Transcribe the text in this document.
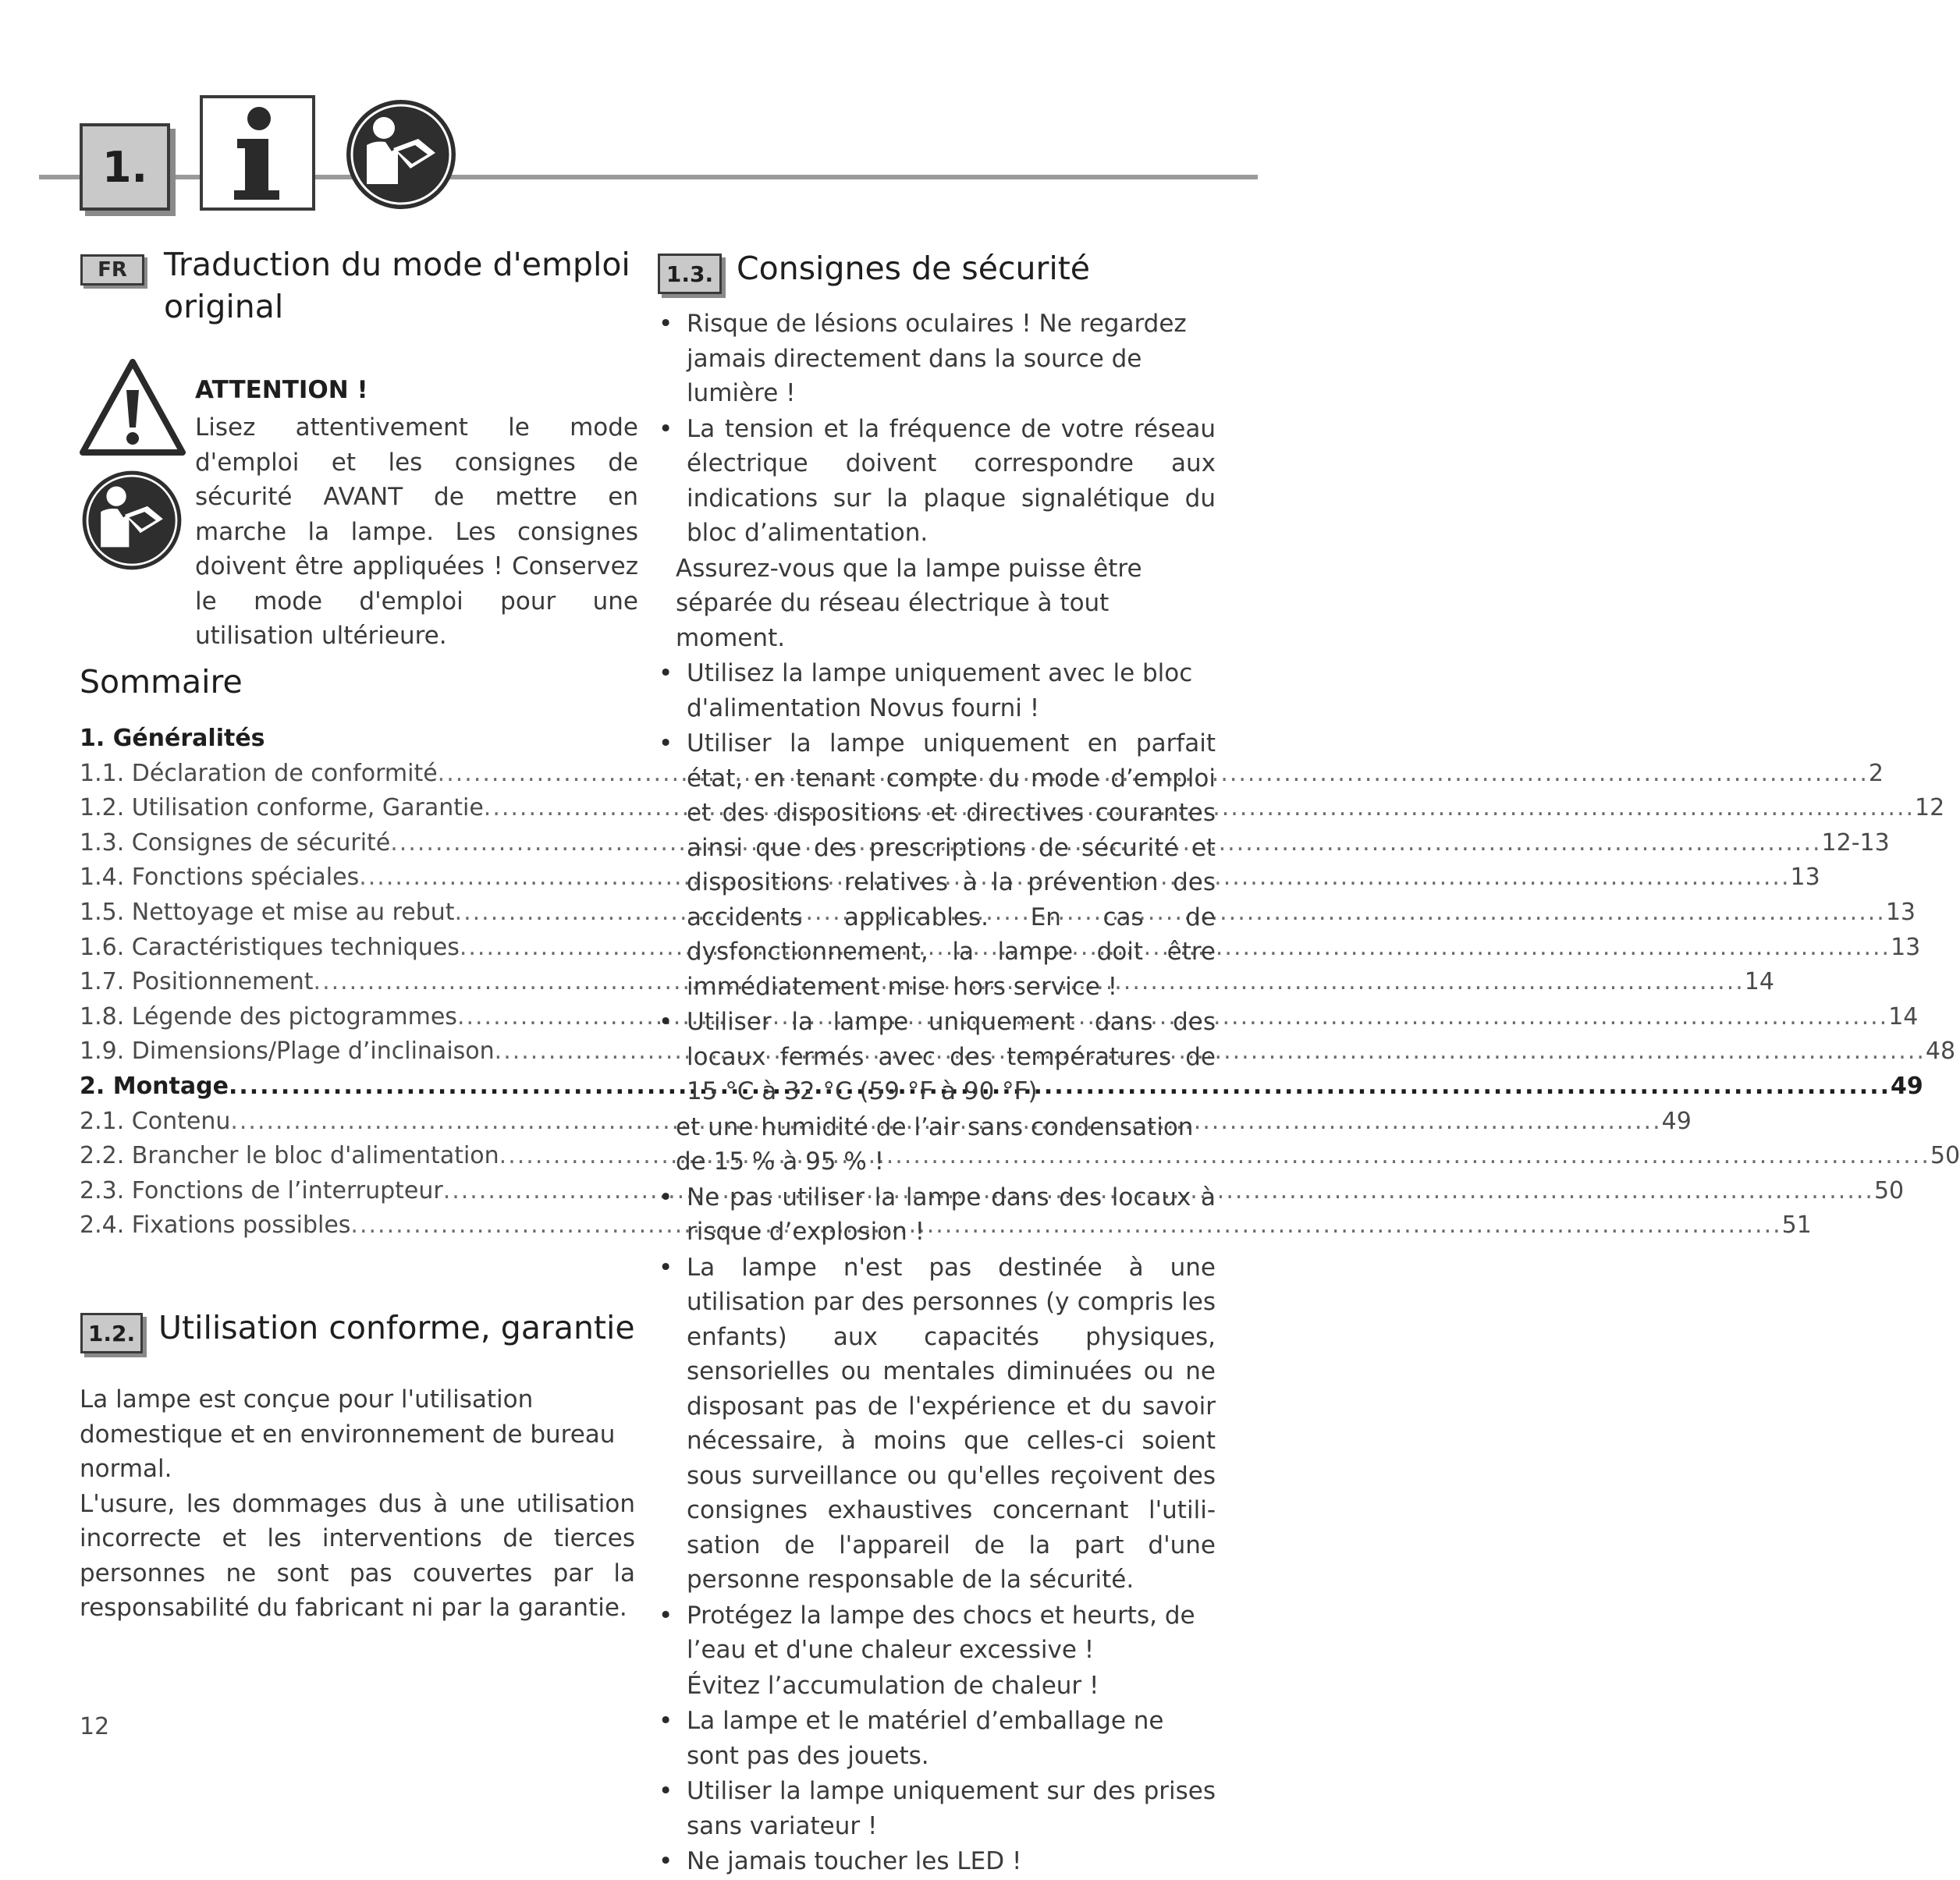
1.
FR Traduction du mode d'emploi original
ATTENTION !
Lisez attentivement le mode d'emploi et les consignes de sécurité AVANT de mettre en marche la lampe. Les consignes doivent être appliquées ! Conservez le mode d'emploi pour une utilisation ultérieure.
Sommaire
1. Généralités
1.1. Déclaration de conformité .....	2
1.2. Utilisation conforme, Garantie .....	12
1.3. Consignes de sécurité .....	12-13
1.4. Fonctions spéciales .....	13
1.5. Nettoyage et mise au rebut .....	13
1.6. Caractéristiques techniques .....	13
1.7. Positionnement .....	14
1.8. Légende des pictogrammes .....	14
1.9. Dimensions/Plage d’inclinaison .....	48
2. Montage .....	49
2.1. Contenu .....	49
2.2. Brancher le bloc d'alimentation .....	50
2.3. Fonctions de l’interrupteur .....	50
2.4. Fixations possibles .....	51
1.2. Utilisation conforme, garantie

La lampe est conçue pour l'utilisation domestique et en environnement de bureau normal.

L'usure, les dommages dus à une utilisation incorrecte et les interventions de tierces personnes ne sont pas couvertes par la responsabilité du fabricant ni par la garantie.

12
1.3. Consignes de sécurité
• Risque de lésions oculaires ! Ne regardez jamais directement dans la source de lumière !
• La tension et la fréquence de votre réseau électrique doivent correspondre aux indications sur la plaque signalétique du bloc d’alimentation.
Assurez-vous que la lampe puisse être séparée du réseau électrique à tout moment.
• Utilisez la lampe uniquement avec le bloc d'alimentation Novus fourni !
• Utiliser la lampe uniquement en parfait état, en tenant compte du mode d’emploi et des dispositions et directives courantes ainsi que des prescriptions de sécurité et dispositions relatives à la prévention des accidents applicables. En cas de dysfonctionnement, la lampe doit être immédiatement mise hors service !
• Utiliser la lampe uniquement dans des locaux fermés avec des températures de 15 °C à 32 °C (59 °F à 90 °F)
et une humidité de l’air sans condensation de 15 % à 95 % !
• Ne pas utiliser la lampe dans des locaux à risque d’explosion !
• La lampe n'est pas destinée à une utilisation par des personnes (y compris les enfants) aux capacités physiques, sensorielles ou mentales diminuées ou ne disposant pas de l'expérience et du savoir nécessaire, à moins que celles-ci soient sous surveillance ou qu'elles reçoivent des consignes exhaustives concernant l'utilisation de l'appareil de la part d'une personne responsable de la sécurité.
• Protégez la lampe des chocs et heurts, de l’eau et d'une chaleur excessive !
Évitez l’accumulation de chaleur !
• La lampe et le matériel d’emballage ne sont pas des jouets.
• Utiliser la lampe uniquement sur des prises sans variateur !
• Ne jamais toucher les LED !
